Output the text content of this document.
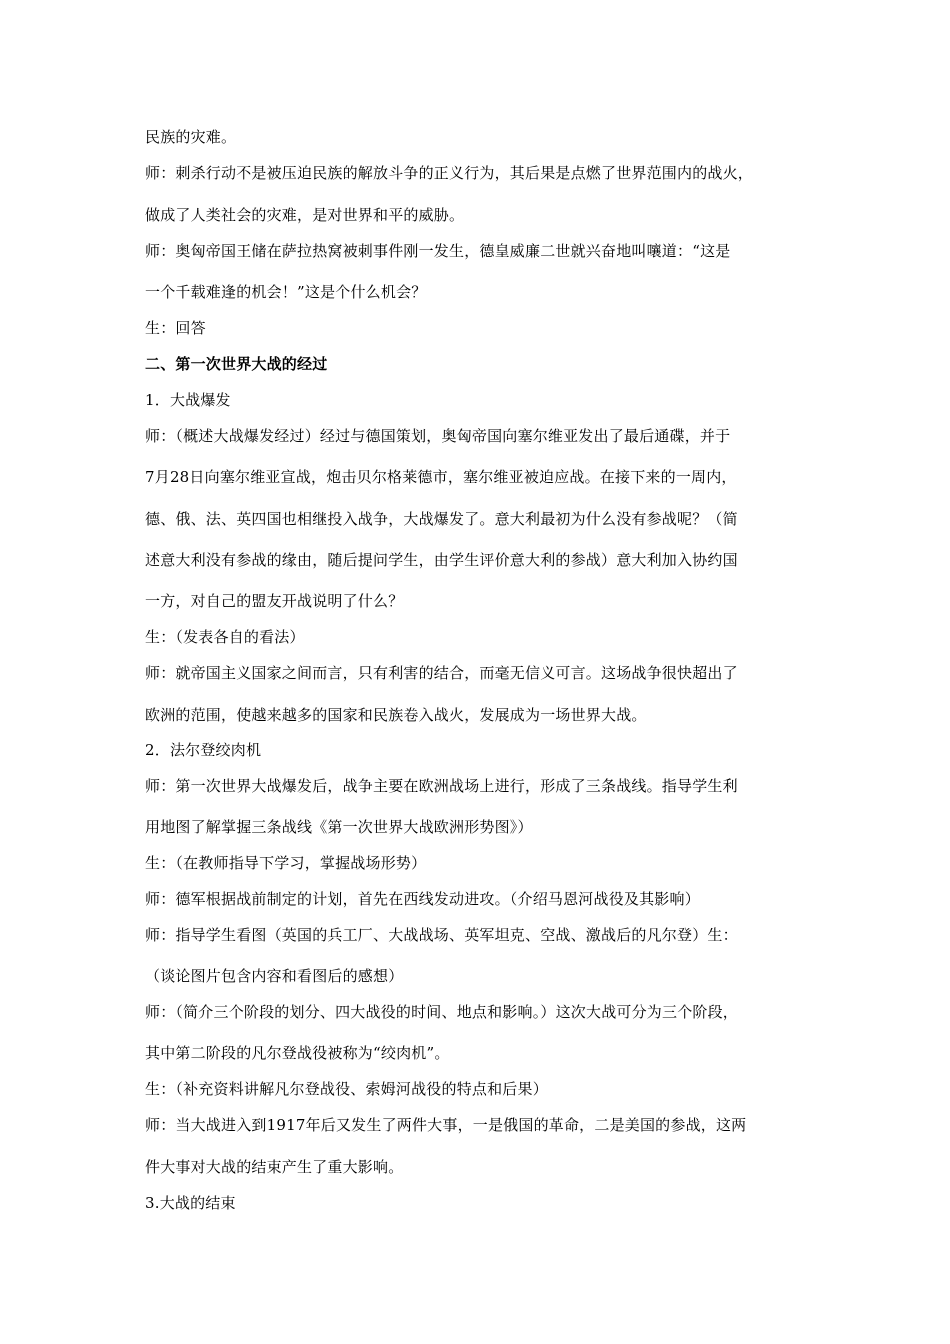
民族的灾难。
师：刺杀行动不是被压迫民族的解放斗争的正义行为，其后果是点燃了世界范围内的战火，
做成了人类社会的灾难，是对世界和平的威胁。
师：奥匈帝国王储在萨拉热窝被刺事件刚一发生，德皇威廉二世就兴奋地叫嚷道：“这是
一个千载难逢的机会！”这是个什么机会？
生：回答
二、第一次世界大战的经过
1．大战爆发
师：（概述大战爆发经过）经过与德国策划，奥匈帝国向塞尔维亚发出了最后通碟，并于
7月28日向塞尔维亚宣战，炮击贝尔格莱德市，塞尔维亚被迫应战。在接下来的一周内，
德、俄、法、英四国也相继投入战争，大战爆发了。意大利最初为什么没有参战呢？（简
述意大利没有参战的缘由，随后提问学生，由学生评价意大利的参战）意大利加入协约国
一方，对自己的盟友开战说明了什么？
生：（发表各自的看法）
师：就帝国主义国家之间而言，只有利害的结合，而毫无信义可言。这场战争很快超出了
欧洲的范围，使越来越多的国家和民族卷入战火，发展成为一场世界大战。
2．法尔登绞肉机
师：第一次世界大战爆发后，战争主要在欧洲战场上进行，形成了三条战线。指导学生利
用地图了解掌握三条战线《第一次世界大战欧洲形势图》）
生：（在教师指导下学习，掌握战场形势）
师：德军根据战前制定的计划，首先在西线发动进攻。（介绍马恩河战役及其影响）
师：指导学生看图（英国的兵工厂、大战战场、英军坦克、空战、激战后的凡尔登）生：
（谈论图片包含内容和看图后的感想）
师：（简介三个阶段的划分、四大战役的时间、地点和影响。）这次大战可分为三个阶段，
其中第二阶段的凡尔登战役被称为“绞肉机”。
生：（补充资料讲解凡尔登战役、索姆河战役的特点和后果）
师：当大战进入到1917年后又发生了两件大事，一是俄国的革命，二是美国的参战，这两
件大事对大战的结束产生了重大影响。
3.大战的结束
